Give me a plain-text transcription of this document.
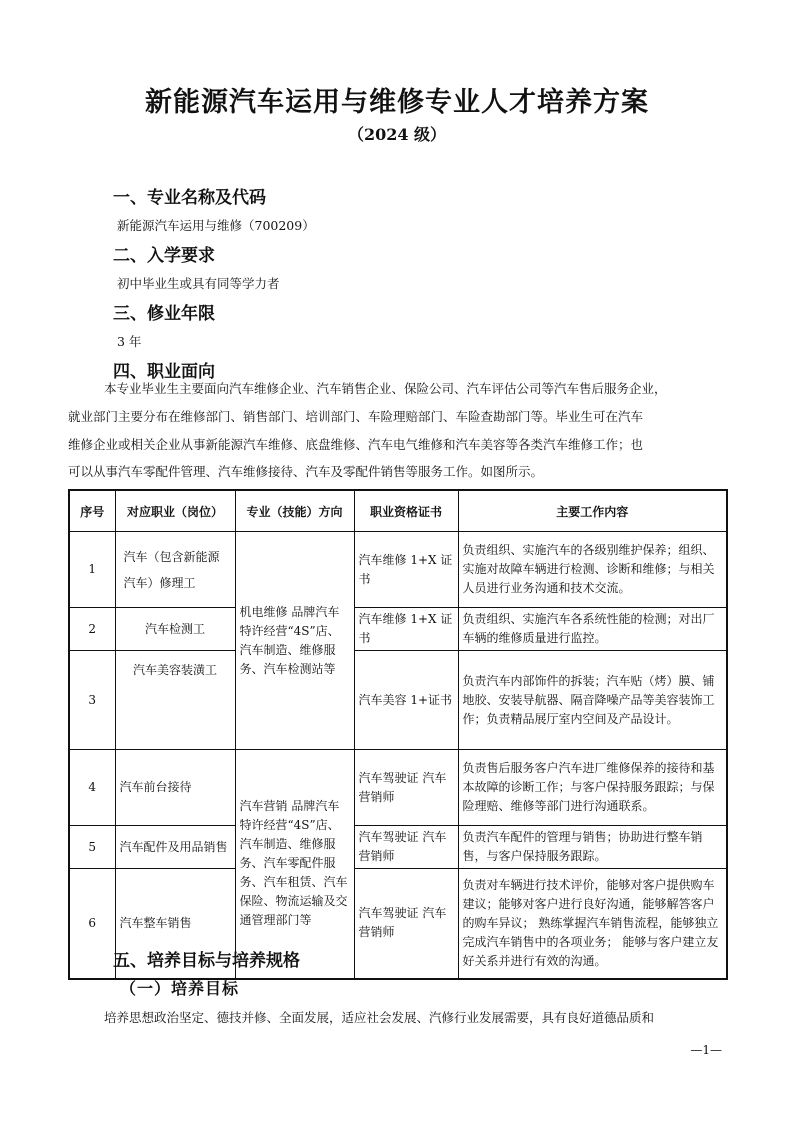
新能源汽车运用与维修专业人才培养方案
（2024 级）
一、专业名称及代码
新能源汽车运用与维修（700209）
二、入学要求
初中毕业生或具有同等学力者
三、修业年限
3 年
四、职业面向
本专业毕业生主要面向汽车维修企业、汽车销售企业、保险公司、汽车评估公司等汽车售后服务企业，
就业部门主要分布在维修部门、销售部门、培训部门、车险理赔部门、车险查勘部门等。毕业生可在汽车
维修企业或相关企业从事新能源汽车维修、底盘维修、汽车电气维修和汽车美容等各类汽车维修工作；也
可以从事汽车零配件管理、汽车维修接待、汽车及零配件销售等服务工作。如图所示。
序号	对应职业（岗位）	专业（技能）方向	职业资格证书	主要工作内容
1	汽车（包含新能源汽车）修理工	机电维修 品牌汽车特许经营“4S”店、汽车制造、维修服务、汽车检测站等	汽车维修 1+X 证书	负责组织、实施汽车的各级别维护保养；组织、实施对故障车辆进行检测、诊断和维修；与相关人员进行业务沟通和技术交流。
2	汽车检测工		汽车维修 1+X 证书	负责组织、实施汽车各系统性能的检测；对出厂车辆的维修质量进行监控。
3	汽车美容装潢工		汽车美容 1+证书	负责汽车内部饰件的拆装；汽车贴（烤）膜、铺地胶、安装导航器、隔音降噪产品等美容装饰工作；负责精品展厅室内空间及产品设计。
4	汽车前台接待	汽车营销 品牌汽车特许经营“4S”店、汽车制造、维修服务、汽车零配件服务、汽车租赁、汽车保险、物流运输及交通管理部门等	汽车驾驶证 汽车营销师	负责售后服务客户汽车进厂维修保养的接待和基本故障的诊断工作；与客户保持服务跟踪；与保险理赔、维修等部门进行沟通联系。
5	汽车配件及用品销售		汽车驾驶证 汽车营销师	负责汽车配件的管理与销售；协助进行整车销售，与客户保持服务跟踪。
6	汽车整车销售		汽车驾驶证 汽车营销师	负责对车辆进行技术评价，能够对客户提供购车建议；能够对客户进行良好沟通，能够解答客户的购车异议； 熟练掌握汽车销售流程，能够独立完成汽车销售中的各项业务； 能够与客户建立友好关系并进行有效的沟通。
五、培养目标与培养规格
（一）培养目标
培养思想政治坚定、德技并修、全面发展，适应社会发展、汽修行业发展需要，具有良好道德品质和
—1—
